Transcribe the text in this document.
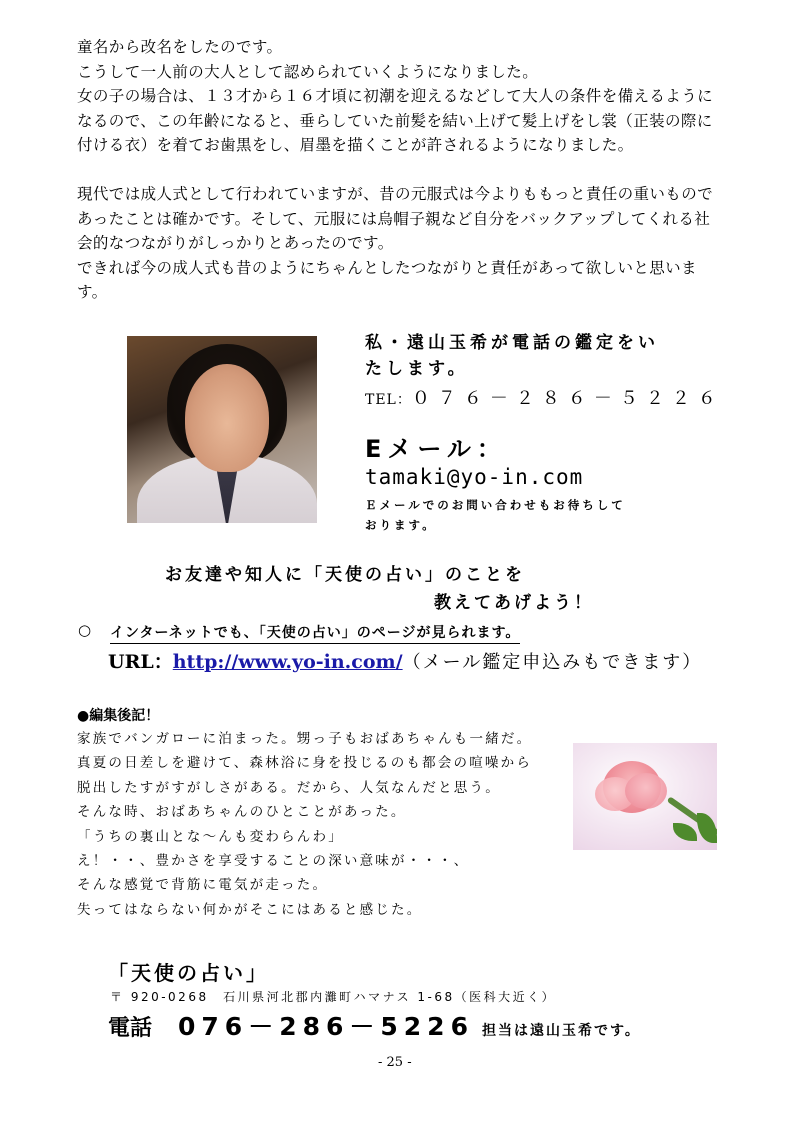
童名から改名をしたのです。

こうして一人前の大人として認められていくようになりました。

女の子の場合は、１３才から１６才頃に初潮を迎えるなどして大人の条件を備えるように

なるので、この年齢になると、垂らしていた前髪を結い上げて髪上げをし裳（正装の際に

付ける衣）を着てお歯黒をし、眉墨を描くことが許されるようになりました。

現代では成人式として行われていますが、昔の元服式は今よりももっと責任の重いもので

あったことは確かです。そして、元服には烏帽子親など自分をバックアップしてくれる社

会的なつながりがしっかりとあったのです。

できれば今の成人式も昔のようにちゃんとしたつながりと責任があって欲しいと思いま

す。

私・遠山玉希が電話の鑑定をい
たします。
TEL：０７６－２８６－５２２６
Eメール：
tamaki@yo-in.com
Ｅメールでのお問い合わせもお待ちして
おります。
お友達や知人に「天使の占い」のことを
教えてあげよう！
○ インターネットでも、「天使の占い」のページが見られます。
URL：http://www.yo-in.com/（メール鑑定申込みもできます）
●編集後記！

家族でバンガローに泊まった。甥っ子もおばあちゃんも一緒だ。

真夏の日差しを避けて、森林浴に身を投じるのも都会の喧噪から

脱出したすがすがしさがある。だから、人気なんだと思う。

そんな時、おばあちゃんのひとことがあった。

「うちの裏山とな～んも変わらんわ」

え！・・、豊かさを享受することの深い意味が・・・、

そんな感覚で背筋に電気が走った。

失ってはならない何かがそこにはあると感じた。

「天使の占い」
〒 920-0268　石川県河北郡内灘町ハマナス 1-68（医科大近く）
電話 076－286－5226 担当は遠山玉希です。
- 25 -
